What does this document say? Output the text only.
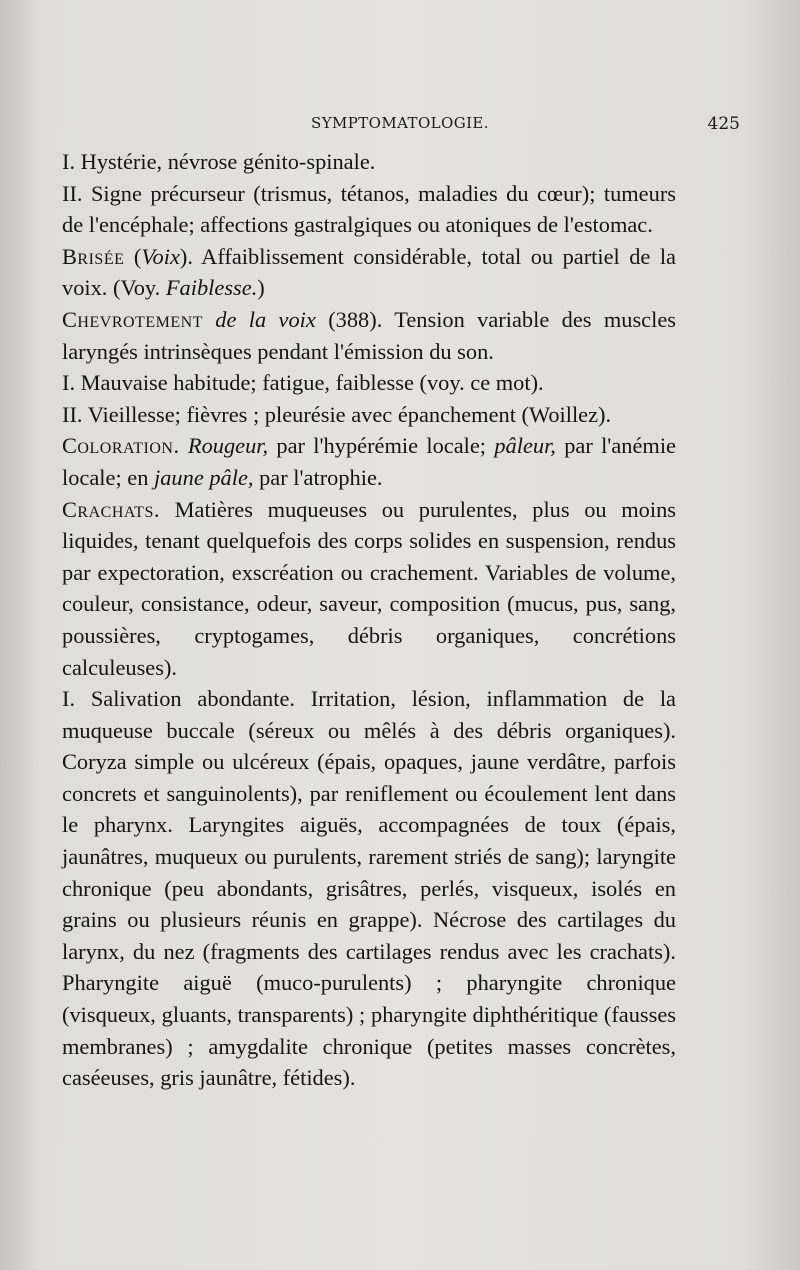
SYMPTOMATOLOGIE.	425

I. Hystérie, névrose génito-spinale.

II. Signe précurseur (trismus, tétanos, maladies du cœur); tumeurs de l'encéphale; affections gastralgiques ou atoniques de l'estomac.

Brisée (Voix). Affaiblissement considérable, total ou partiel de la voix. (Voy. Faiblesse.)

Chevrotement de la voix (388). Tension variable des muscles laryngés intrinsèques pendant l'émission du son.

I. Mauvaise habitude; fatigue, faiblesse (voy. ce mot).

II. Vieillesse; fièvres ; pleurésie avec épanchement (Woillez).

Coloration. Rougeur, par l'hypérémie locale; pâleur, par l'anémie locale; en jaune pâle, par l'atrophie.

Crachats. Matières muqueuses ou purulentes, plus ou moins liquides, tenant quelquefois des corps solides en suspension, rendus par expectoration, exscréation ou crachement. Variables de volume, couleur, consistance, odeur, saveur, composition (mucus, pus, sang, poussières, cryptogames, débris organiques, concrétions calculeuses).

I. Salivation abondante. Irritation, lésion, inflammation de la muqueuse buccale (séreux ou mêlés à des débris organiques). Coryza simple ou ulcéreux (épais, opaques, jaune verdâtre, parfois concrets et sanguinolents), par reniflement ou écoulement lent dans le pharynx. Laryngites aiguës, accompagnées de toux (épais, jaunâtres, muqueux ou purulents, rarement striés de sang); laryngite chronique (peu abondants, grisâtres, perlés, visqueux, isolés en grains ou plusieurs réunis en grappe). Nécrose des cartilages du larynx, du nez (fragments des cartilages rendus avec les crachats). Pharyngite aiguë (muco-purulents) ; pharyngite chronique (visqueux, gluants, transparents) ; pharyngite diphthéritique (fausses membranes) ; amygdalite chronique (petites masses concrètes, caséeuses, gris jaunâtre, fétides).
